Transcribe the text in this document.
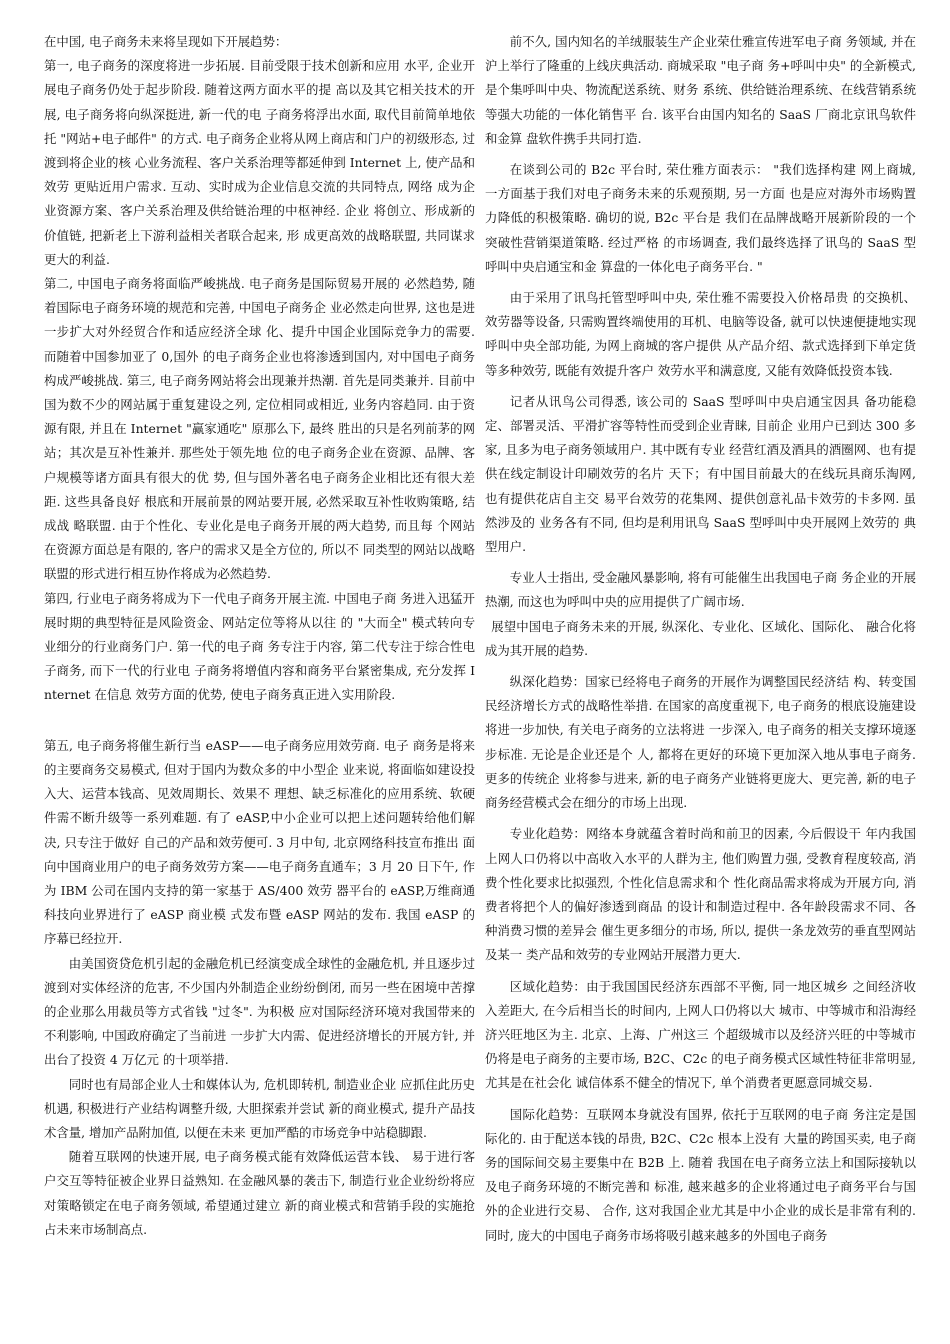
在中国, 电子商务未来将呈现如下开展趋势：

第一, 电子商务的深度将进一步拓展. 目前受限于技术创新和应用 水平, 企业开展电子商务仍处于起步阶段. 随着这两方面水平的提 高以及其它相关技术的开展, 电子商务将向纵深挺进, 新一代的电 子商务将浮出水面, 取代目前简单地依托 "网站+电子邮件" 的方式. 电子商务企业将从网上商店和门户的初级形态, 过渡到将企业的核 心业务流程、客户关系治理等都延伸到 Internet 上, 使产品和效劳 更贴近用户需求. 互动、实时成为企业信息交流的共同特点, 网络 成为企业资源方案、客户关系治理及供给链治理的中枢神经. 企业 将创立、形成新的价值链, 把新老上下游利益相关者联合起来, 形 成更高效的战略联盟, 共同谋求更大的利益.

第二, 中国电子商务将面临严峻挑战. 电子商务是国际贸易开展的 必然趋势, 随着国际电子商务环境的规范和完善, 中国电子商务企 业必然走向世界, 这也是进一步扩大对外经贸合作和适应经济全球 化、提升中国企业国际竞争力的需要. 而随着中国参加亚了 0,国外 的电子商务企业也将渗透到国内, 对中国电子商务构成严峻挑战. 第三, 电子商务网站将会出现兼并热潮. 首先是同类兼并. 目前中 国为数不少的网站属于重复建设之列, 定位相同或相近, 业务内容趋同. 由于资源有限, 并且在 Internet "赢家通吃" 原那么下, 最终 胜出的只是名列前茅的网站；其次是互补性兼并. 那些处于领先地 位的电子商务企业在资源、品牌、客户规模等诸方面具有很大的优 势, 但与国外著名电子商务企业相比还有很大差距. 这些具备良好 根底和开展前景的网站要开展, 必然采取互补性收购策略, 结成战 略联盟. 由于个性化、专业化是电子商务开展的两大趋势, 而且每 个网站在资源方面总是有限的, 客户的需求又是全方位的, 所以不 同类型的网站以战略联盟的形式进行相互协作将成为必然趋势.

第四, 行业电子商务将成为下一代电子商务开展主流. 中国电子商 务进入迅猛开展时期的典型特征是风险资金、网站定位等将从以往 的 "大而全" 模式转向专业细分的行业商务门户. 第一代的电子商 务专注于内容, 第二代专注于综合性电子商务, 而下一代的行业电 子商务将增值内容和商务平台紧密集成, 充分发挥 Internet 在信息 效劳方面的优势, 使电子商务真正进入实用阶段.

第五, 电子商务将催生新行当 eASP——电子商务应用效劳商. 电子 商务是将来的主要商务交易模式, 但对于国内为数众多的中小型企 业来说, 将面临如建设投入大、运营本钱高、见效周期长、效果不 理想、缺乏标准化的应用系统、软硬件需不断升级等一系列难题. 有了 eASP,中小企业可以把上述问题转给他们解决, 只专注于做好 自己的产品和效劳便可. 3 月中旬, 北京网络科技宣布推出 面向中国商业用户的电子商务效劳方案——电子商务直通车；3 月 20 日下午, 作为 IBM 公司在国内支持的第一家基于 AS/400 效劳 器平台的 eASP,万维商通科技向业界进行了 eASP 商业模 式发布暨 eASP 网站的发布. 我国 eASP 的序幕已经拉开.

由美国资贷危机引起的金融危机已经演变成全球性的金融危机, 并且逐步过渡到对实体经济的危害, 不少国内外制造企业纷纷倒闭, 而另一些在困境中苦撑的企业那么用裁员等方式省钱 "过冬". 为积极 应对国际经济环境对我国带来的不利影响, 中国政府确定了当前进 一步扩大内需、促进经济增长的开展方针, 并出台了投资 4 万亿元 的十项举措.

同时也有局部企业人士和媒体认为, 危机即转机, 制造业企业 应抓住此历史机遇, 积极进行产业结构调整升级, 大胆探索并尝试 新的商业模式, 提升产品技术含量, 增加产品附加值, 以便在未来 更加严酷的市场竞争中站稳脚跟.

随着互联网的快速开展, 电子商务模式能有效降低运营本钱、 易于进行客户交互等特征被企业界日益熟知. 在金融风暴的袭击下, 制造行业企业纷纷将应对策略锁定在电子商务领域, 希望通过建立 新的商业模式和营销手段的实施抢占未来市场制高点.

前不久, 国内知名的羊绒服装生产企业荣仕雅宣传进军电子商 务领域, 并在沪上举行了隆重的上线庆典活动. 商城采取 "电子商 务+呼叫中央" 的全新模式, 是个集呼叫中央、物流配送系统、财务 系统、供给链治理系统、在线营销系统等强大功能的一体化销售平 台. 该平台由国内知名的 SaaS 厂商北京讯鸟软件和金算 盘软件携手共同打造.

在谈到公司的 B2c 平台时, 荣仕雅方面表示： "我们选择构建 网上商城, 一方面基于我们对电子商务未来的乐观预期, 另一方面 也是应对海外市场购置力降低的积极策略. 确切的说, B2c 平台是 我们在品牌战略开展新阶段的一个突破性营销渠道策略. 经过严格 的市场调查, 我们最终选择了讯鸟的 SaaS 型呼叫中央启通宝和金 算盘的一体化电子商务平台. "

由于采用了讯鸟托管型呼叫中央, 荣仕雅不需要投入价格昂贵 的交换机、效劳器等设备, 只需购置终端使用的耳机、电脑等设备, 就可以快速便捷地实现呼叫中央全部功能, 为网上商城的客户提供 从产品介绍、款式选择到下单定货等多种效劳, 既能有效提升客户 效劳水平和满意度, 又能有效降低投资本钱.

记者从讯鸟公司得悉, 该公司的 SaaS 型呼叫中央启通宝因具 备功能稳定、部署灵活、平滑扩容等特性而受到企业青睐, 目前企 业用户已到达 300 多家, 且多为电子商务领域用户. 其中既有专业 经营红酒及酒具的酒圈网、也有提供在线定制设计印刷效劳的名片 天下；有中国目前最大的在线玩具商乐淘网, 也有提供花店自主交 易平台效劳的花集网、提供创意礼品卡效劳的卡多网. 虽然涉及的 业务各有不同, 但均是利用讯鸟 SaaS 型呼叫中央开展网上效劳的 典型用户.

专业人士指出, 受金融风暴影响, 将有可能催生出我国电子商 务企业的开展热潮, 而这也为呼叫中央的应用提供了广阔市场.

展望中国电子商务未来的开展, 纵深化、专业化、区域化、国际化、 融合化将成为其开展的趋势.

纵深化趋势：国家已经将电子商务的开展作为调整国民经济结 构、转变国民经济增长方式的战略性举措. 在国家的高度重视下, 电子商务的根底设施建设将进一步加快, 有关电子商务的立法将进 一步深入, 电子商务的相关支撑环境逐步标准. 无论是企业还是个 人, 都将在更好的环境下更加深入地从事电子商务. 更多的传统企 业将参与进来, 新的电子商务产业链将更庞大、更完善, 新的电子 商务经营模式会在细分的市场上出现.

专业化趋势：网络本身就蕴含着时尚和前卫的因素, 今后假设干 年内我国上网人口仍将以中高收入水平的人群为主, 他们购置力强, 受教育程度较高, 消费个性化要求比拟强烈, 个性化信息需求和个 性化商品需求将成为开展方向, 消费者将把个人的偏好渗透到商品 的设计和制造过程中. 各年龄段需求不同、各种消费习惯的差异会 催生更多细分的市场, 所以, 提供一条龙效劳的垂直型网站及某一 类产品和效劳的专业网站开展潜力更大.

区域化趋势：由于我国国民经济东西部不平衡, 同一地区城乡 之间经济收入差距大, 在今后相当长的时间内, 上网人口仍将以大 城市、中等城市和沿海经济兴旺地区为主. 北京、上海、广州这三 个超级城市以及经济兴旺的中等城市仍将是电子商务的主要市场, B2C、C2c 的电子商务模式区域性特征非常明显, 尤其是在社会化 诚信体系不健全的情况下, 单个消费者更愿意同城交易.

国际化趋势：互联网本身就没有国界, 依托于互联网的电子商 务注定是国际化的. 由于配送本钱的昂贵, B2C、C2c 根本上没有 大量的跨国买卖, 电子商务的国际间交易主要集中在 B2B 上. 随着 我国在电子商务立法上和国际接轨以及电子商务环境的不断完善和 标准, 越来越多的企业将通过电子商务平台与国外的企业进行交易、 合作, 这对我国企业尤其是中小企业的成长是非常有利的. 同时, 庞大的中国电子商务市场将吸引越来越多的外国电子商务
